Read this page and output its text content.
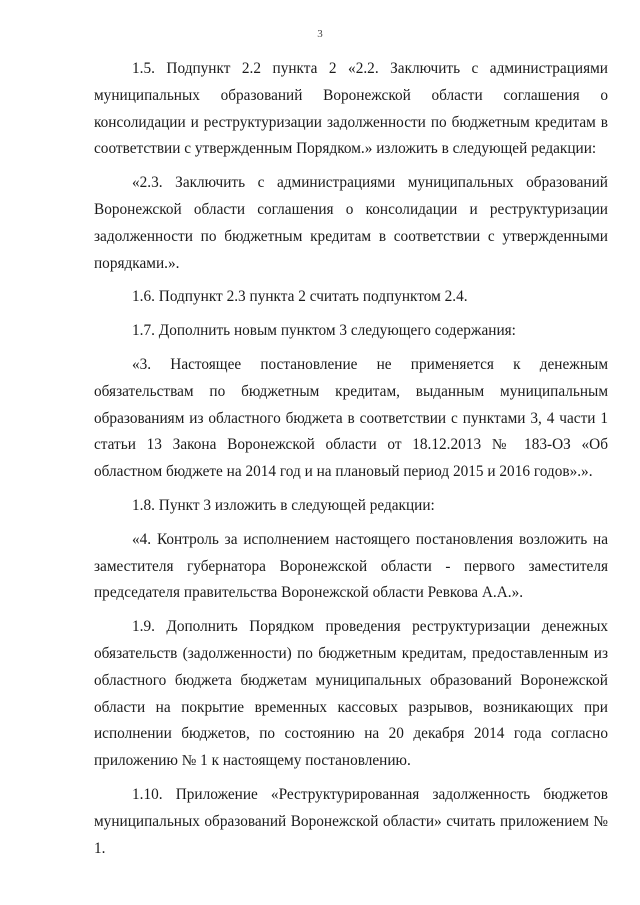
3

1.5. Подпункт 2.2 пункта 2 «2.2. Заключить с администрациями муниципальных образований Воронежской области соглашения о консолидации и реструктуризации задолженности по бюджетным кредитам в соответствии с утвержденным Порядком.» изложить в следующей редакции:

«2.3. Заключить с администрациями муниципальных образований Воронежской области соглашения о консолидации и реструктуризации задолженности по бюджетным кредитам в соответствии с утвержденными порядками.».

1.6. Подпункт 2.3 пункта 2 считать подпунктом 2.4.

1.7. Дополнить новым пунктом 3 следующего содержания:

«3. Настоящее постановление не применяется к денежным обязательствам по бюджетным кредитам, выданным муниципальным образованиям из областного бюджета в соответствии с пунктами 3, 4 части 1 статьи 13 Закона Воронежской области от 18.12.2013 № 183-ОЗ «Об областном бюджете на 2014 год и на плановый период 2015 и 2016 годов».».

1.8. Пункт 3 изложить в следующей редакции:

«4. Контроль за исполнением настоящего постановления возложить на заместителя губернатора Воронежской области - первого заместителя председателя правительства Воронежской области Ревкова А.А.».

1.9. Дополнить Порядком проведения реструктуризации денежных обязательств (задолженности) по бюджетным кредитам, предоставленным из областного бюджета бюджетам муниципальных образований Воронежской области на покрытие временных кассовых разрывов, возникающих при исполнении бюджетов, по состоянию на 20 декабря 2014 года согласно приложению № 1 к настоящему постановлению.

1.10. Приложение «Реструктурированная задолженность бюджетов муниципальных образований Воронежской области» считать приложением № 1.
